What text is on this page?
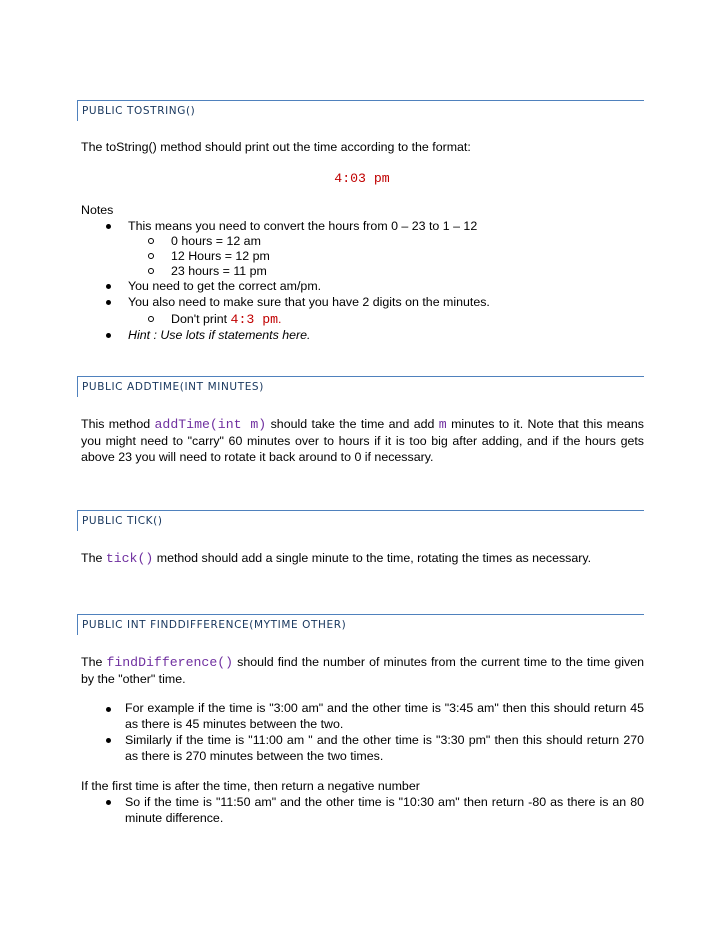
PUBLIC TOSTRING()
The toString() method should print out the time according to the format:
4:03 pm
Notes
This means you need to convert the hours from 0 – 23 to 1 – 12
0 hours = 12 am
12 Hours = 12 pm
23 hours = 11 pm
You need to get the correct am/pm.
You also need to make sure that you have 2 digits on the minutes.
Don't print 4:3 pm.
Hint : Use lots if statements here.
PUBLIC ADDTIME(INT MINUTES)
This method addTime(int m) should take the time and add m minutes to it. Note that this means you might need to "carry" 60 minutes over to hours if it is too big after adding, and if the hours gets above 23 you will need to rotate it back around to 0 if necessary.
PUBLIC TICK()
The tick() method should add a single minute to the time, rotating the times as necessary.
PUBLIC INT FINDDIFFERENCE(MYTIME OTHER)
The findDifference() should find the number of minutes from the current time to the time given by the "other" time.
For example if the time is "3:00 am" and the other time is "3:45 am" then this should return 45 as there is 45 minutes between the two.
Similarly if the time is "11:00 am " and the other time is "3:30 pm" then this should return 270 as there is 270 minutes between the two times.
If the first time is after the time, then return a negative number
So if the time is "11:50 am" and the other time is "10:30 am" then return -80 as there is an 80 minute difference.
